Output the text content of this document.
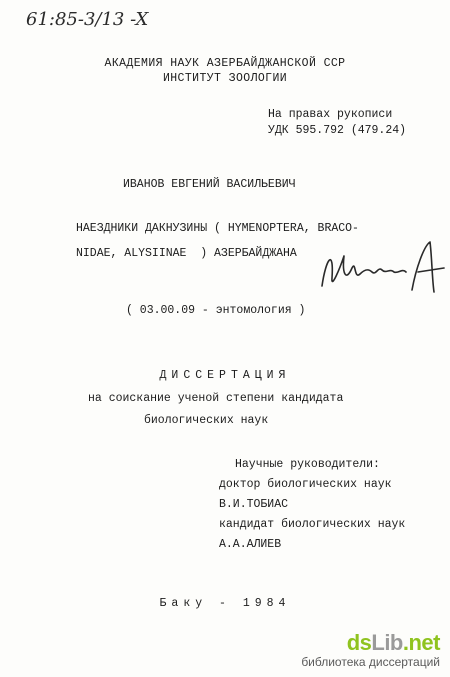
61:85-3/13 -X
АКАДЕМИЯ НАУК АЗЕРБАЙДЖАНСКОЙ ССР
ИНСТИТУТ ЗООЛОГИИ
На правах рукописи
УДК 595.792 (479.24)
ИВАНОВ ЕВГЕНИЙ ВАСИЛЬЕВИЧ
НАЕЗДНИКИ ДАКНУЗИНЫ ( HYMENOPTERA, BRACO-
NIDAE, ALYSIINAE  ) АЗЕРБАЙДЖАНА
( 03.00.09 - энтомология )
ДИССЕРТАЦИЯ
на соискание ученой степени кандидата
биологических наук
Научные руководители:
доктор биологических наук
В.И.ТОБИАС
кандидат биологических наук
А.А.АЛИЕВ
Баку - 1984
dsLib.net
библиотека диссертаций
